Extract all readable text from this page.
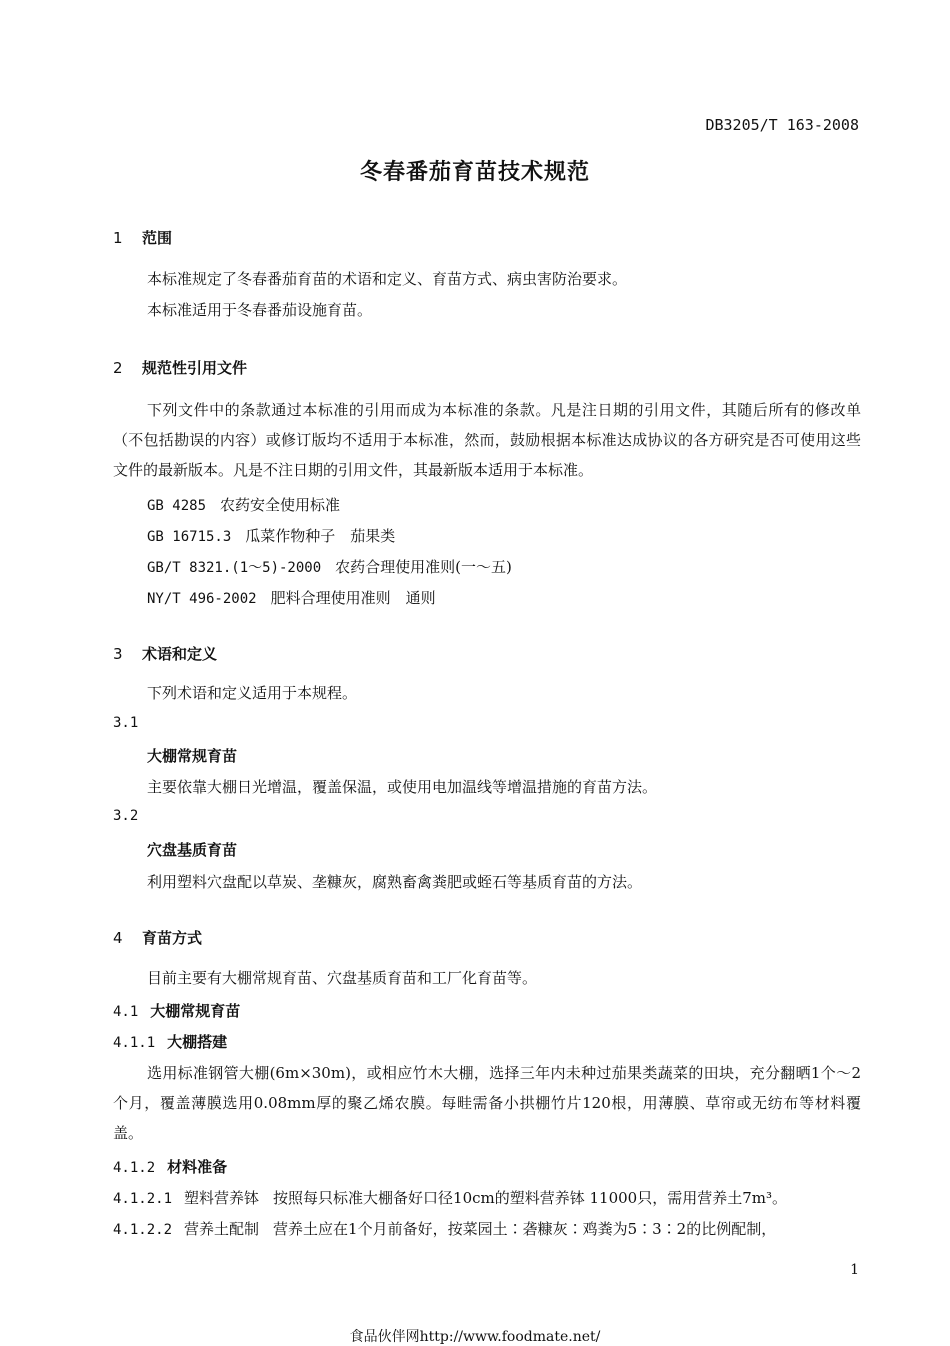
DB3205/T 163-2008
冬春番茄育苗技术规范
1 范围
本标准规定了冬春番茄育苗的术语和定义、育苗方式、病虫害防治要求。
本标准适用于冬春番茄设施育苗。
2 规范性引用文件
下列文件中的条款通过本标准的引用而成为本标准的条款。凡是注日期的引用文件，其随后所有的修改单（不包括勘误的内容）或修订版均不适用于本标准，然而，鼓励根据本标准达成协议的各方研究是否可使用这些文件的最新版本。凡是不注日期的引用文件，其最新版本适用于本标准。
GB 4285 农药安全使用标准
GB 16715.3 瓜菜作物种子　茄果类
GB/T 8321.(1～5)-2000 农药合理使用准则(一～五)
NY/T 496-2002 肥料合理使用准则　通则
3 术语和定义
下列术语和定义适用于本规程。
3.1
大棚常规育苗
主要依靠大棚日光增温，覆盖保温，或使用电加温线等增温措施的育苗方法。
3.2
穴盘基质育苗
利用塑料穴盘配以草炭、垄糠灰，腐熟畜禽粪肥或蛭石等基质育苗的方法。
4 育苗方式
目前主要有大棚常规育苗、穴盘基质育苗和工厂化育苗等。
4.1 大棚常规育苗
4.1.1 大棚搭建
选用标准钢管大棚(6m×30m)，或相应竹木大棚，选择三年内未种过茄果类蔬菜的田块，充分翻晒1个～2个月，覆盖薄膜选用0.08mm厚的聚乙烯农膜。每畦需备小拱棚竹片120根，用薄膜、草帘或无纺布等材料覆盖。
4.1.2 材料准备
4.1.2.1 塑料营养钵 按照每只标准大棚备好口径10cm的塑料营养钵 11000只，需用营养土7m³。
4.1.2.2 营养土配制 营养土应在1个月前备好，按菜园土∶砻糠灰∶鸡粪为5∶3∶2的比例配制，
1
食品伙伴网http://www.foodmate.net/
